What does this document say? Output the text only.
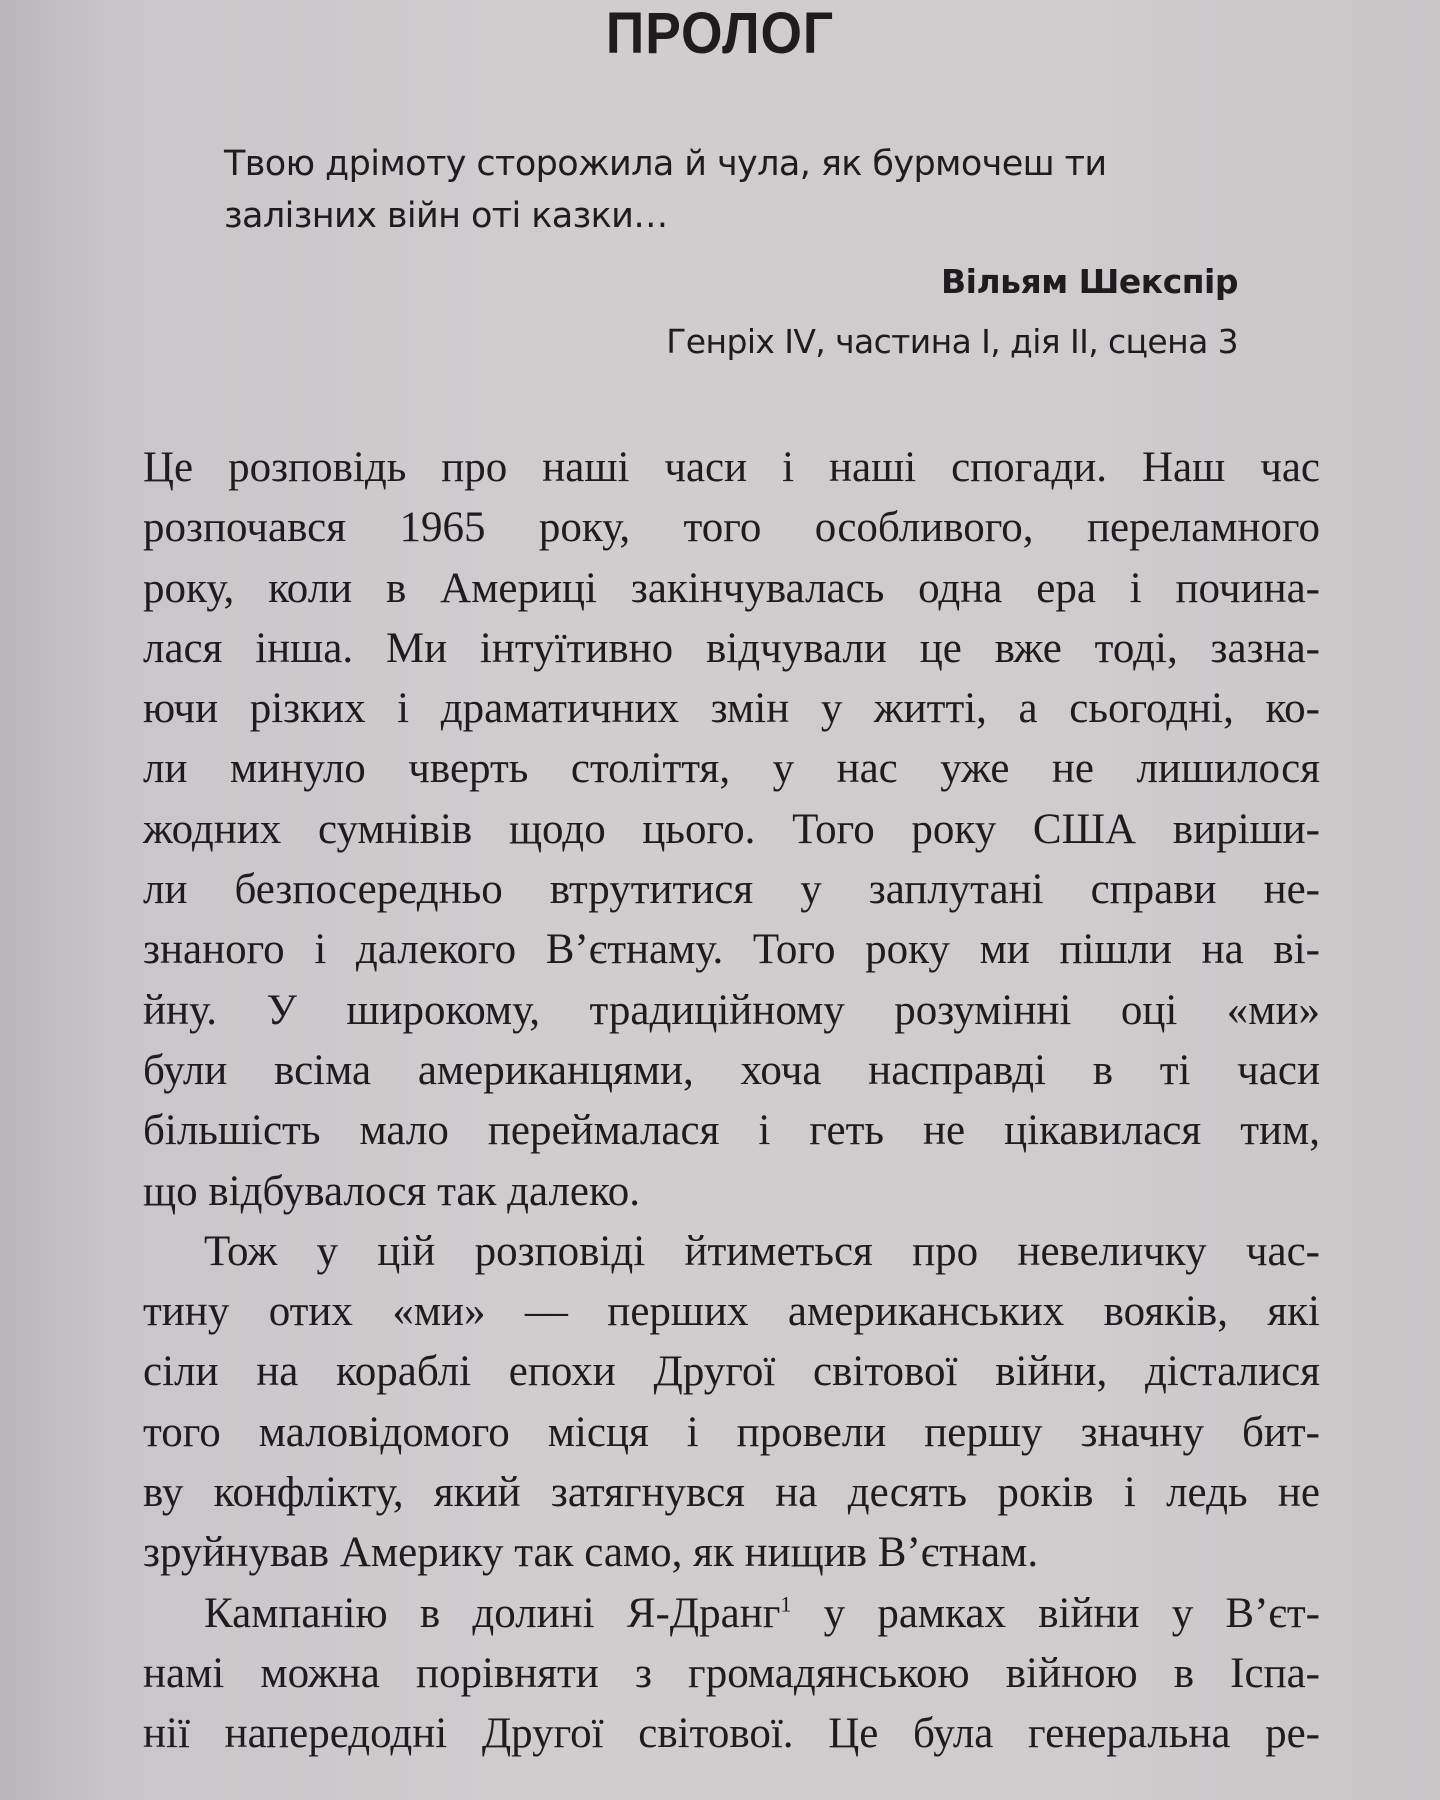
ПРОЛОГ
Твою дрімоту сторожила й чула, як бурмочеш ти
залізних війн оті казки…
Вільям Шекспір
Генріх IV, частина І, дія ІІ, сцена 3
Це розповідь про наші часи і наші спогади. Наш час
розпочався 1965 року, того особливого, переламного
року, коли в Америці закінчувалась одна ера і почина-
лася інша. Ми інтуїтивно відчували це вже тоді, зазна-
ючи різких і драматичних змін у житті, а сьогодні, ко-
ли минуло чверть століття, у нас уже не лишилося
жодних сумнівів щодо цього. Того року США виріши-
ли безпосередньо втрутитися у заплутані справи не-
знаного і далекого В’єтнаму. Того року ми пішли на ві-
йну. У широкому, традиційному розумінні оці «ми»
були всіма американцями, хоча насправді в ті часи
більшість мало переймалася і геть не цікавилася тим,
що відбувалося так далеко.
Тож у цій розповіді йтиметься про невеличку час-
тину отих «ми» — перших американських вояків, які
сіли на кораблі епохи Другої світової війни, дісталися
того маловідомого місця і провели першу значну бит-
ву конфлікту, який затягнувся на десять років і ледь не
зруйнував Америку так само, як нищив В’єтнам.
Кампанію в долині Я-Дранг$^1$ у рамках війни у В’єт-
намі можна порівняти з громадянською війною в Іспа-
нії напередодні Другої світової. Це була генеральна ре-
